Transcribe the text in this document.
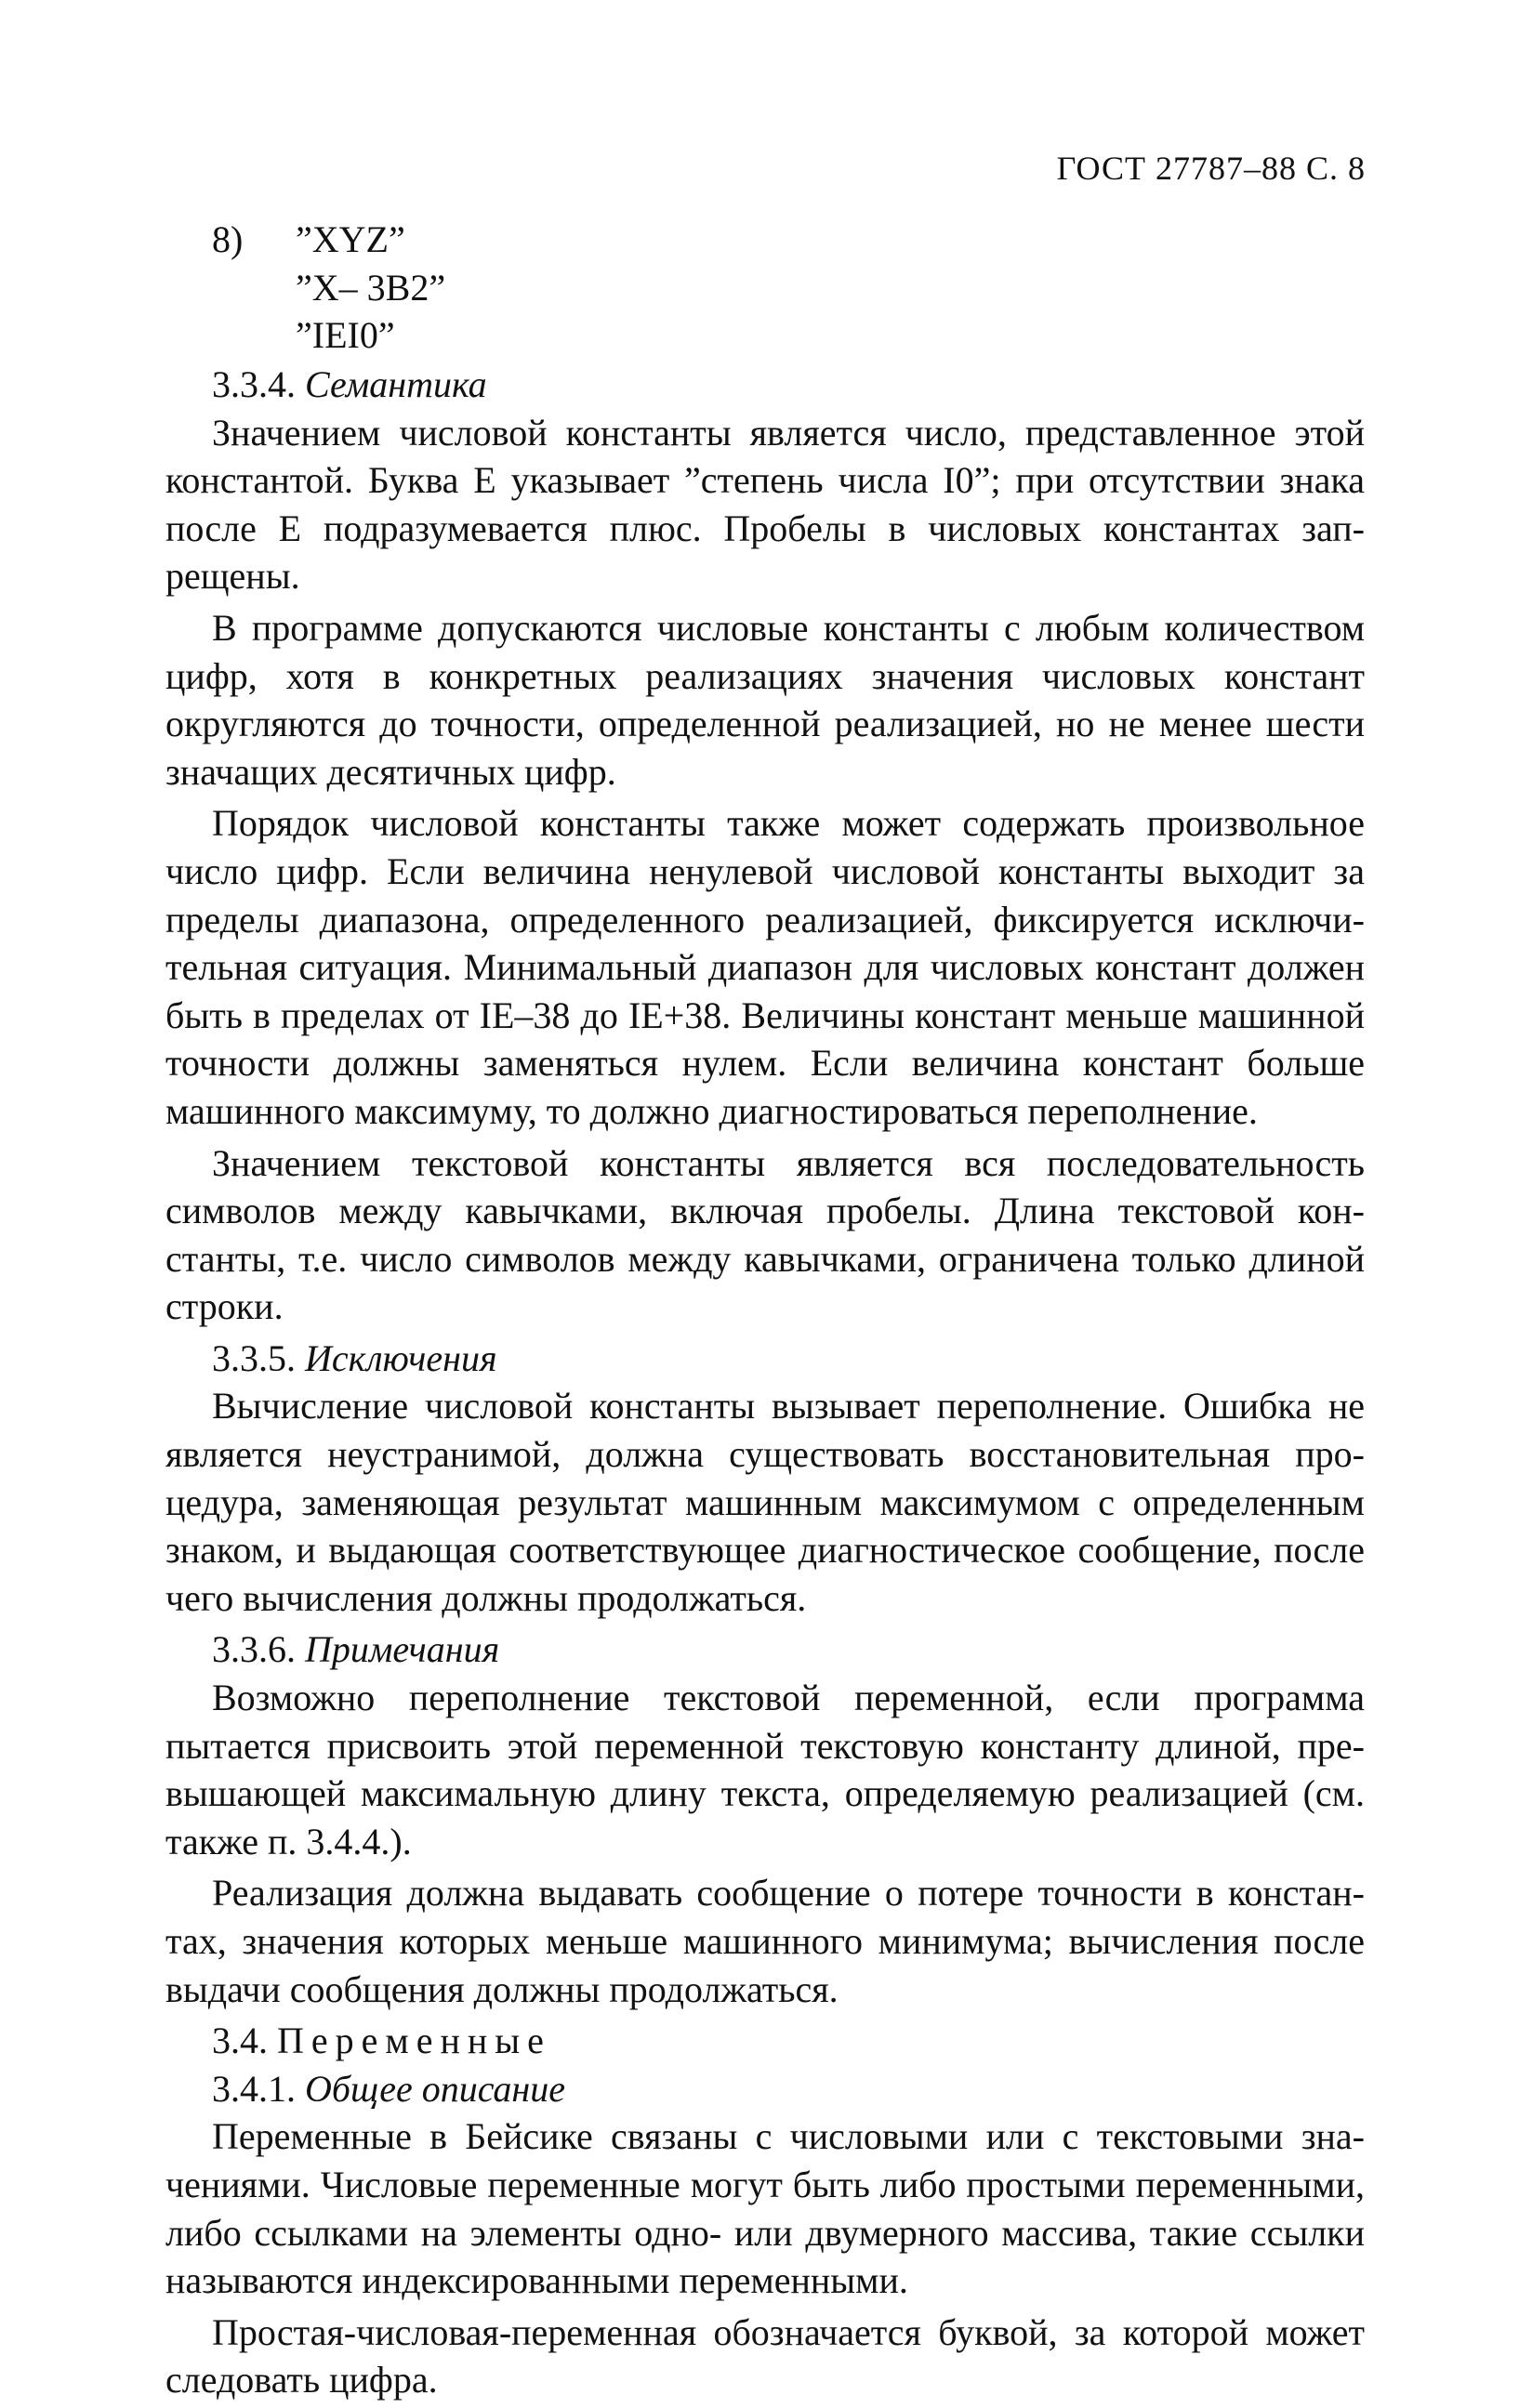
ГОСТ 27787–88 С. 8
8) ”XYZ”
”X– 3B2”
”IEI0”
3.3.4. Семантика

Значением числовой константы является число, представленное этой константой. Буква Е указывает ”степень числа I0”; при отсутствии знака после Е подразумевается плюс. Пробелы в числовых константах запрещены.

В программе допускаются числовые константы с любым количеством цифр, хотя в конкретных реализациях значения числовых констант округляются до точности, определенной реализацией, но не менее шести значащих десятичных цифр.

Порядок числовой константы также может содержать произвольное число цифр. Если величина ненулевой числовой константы выходит за пределы диапазона, определенного реализацией, фиксируется исключительная ситуация. Минимальный диапазон для числовых констант должен быть в пределах от IE–38 до IE+38. Величины констант меньше машинной точности должны заменяться нулем. Если величина констант больше машинного максимуму, то должно диагностироваться переполнение.

Значением текстовой константы является вся последовательность символов между кавычками, включая пробелы. Длина текстовой константы, т.е. число символов между кавычками, ограничена только длиной строки.

3.3.5. Исключения

Вычисление числовой константы вызывает переполнение. Ошибка не является неустранимой, должна существовать восстановительная процедура, заменяющая результат машинным максимумом с определенным знаком, и выдающая соответствующее диагностическое сообщение, после чего вычисления должны продолжаться.

3.3.6. Примечания

Возможно переполнение текстовой переменной, если программа пытается присвоить этой переменной текстовую константу длиной, превышающей максимальную длину текста, определяемую реализацией (см. также п. 3.4.4.).

Реализация должна выдавать сообщение о потере точности в константах, значения которых меньше машинного минимума; вычисления после выдачи сообщения должны продолжаться.

3.4. Переменные
3.4.1. Общее описание

Переменные в Бейсике связаны с числовыми или с текстовыми значениями. Числовые переменные могут быть либо простыми переменными, либо ссылками на элементы одно- или двумерного массива, такие ссылки называются индексированными переменными.

Простая-числовая-переменная обозначается буквой, за которой может следовать цифра.
